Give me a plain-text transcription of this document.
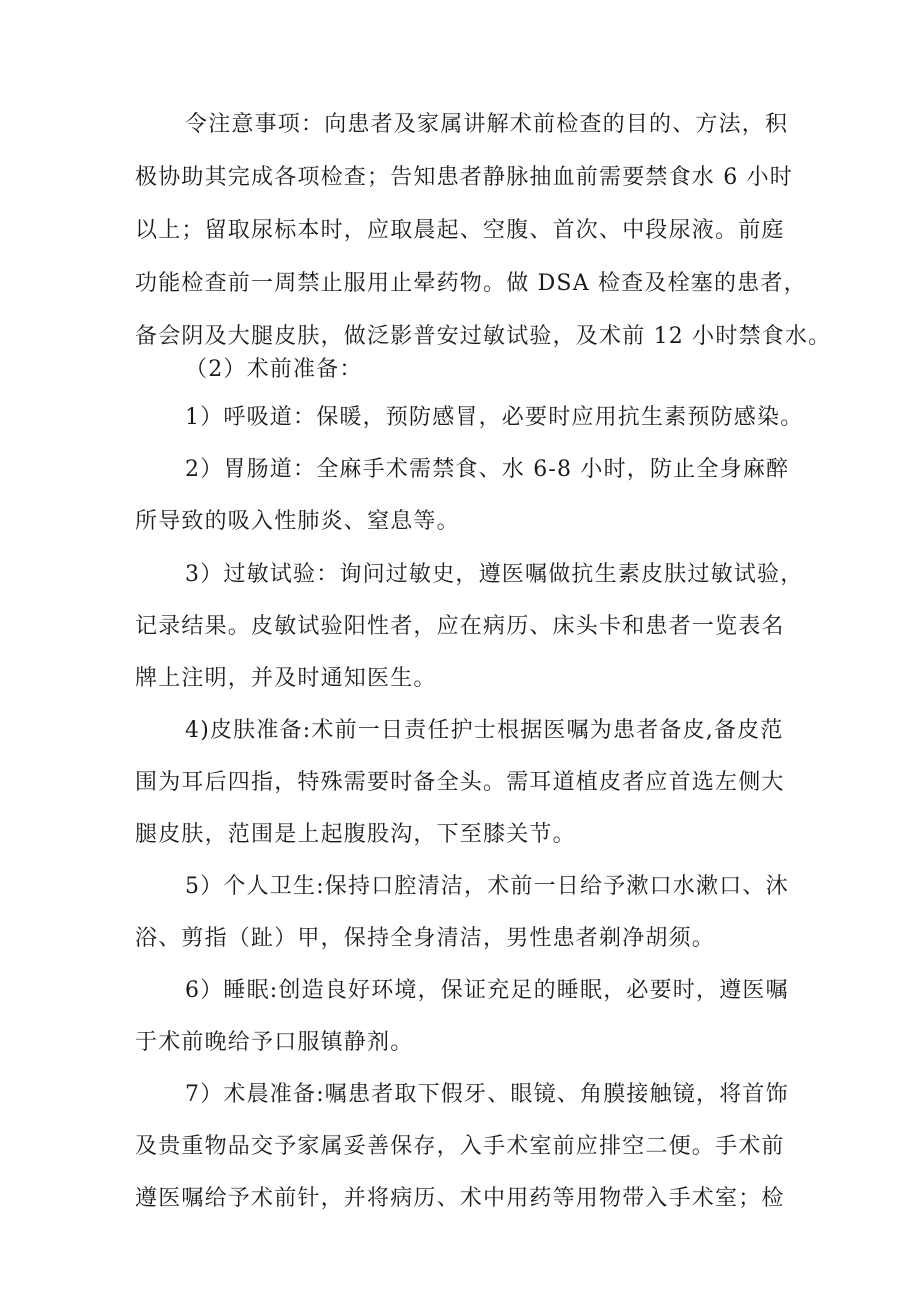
令注意事项：向患者及家属讲解术前检查的目的、方法，积
极协助其完成各项检查；告知患者静脉抽血前需要禁食水 6 小时
以上；留取尿标本时，应取晨起、空腹、首次、中段尿液。前庭
功能检查前一周禁止服用止晕药物。做 DSA 检查及栓塞的患者，
备会阴及大腿皮肤，做泛影普安过敏试验，及术前 12 小时禁食水。
（2）术前准备：
1）呼吸道：保暖，预防感冒，必要时应用抗生素预防感染。
2）胃肠道：全麻手术需禁食、水 6-8 小时，防止全身麻醉
所导致的吸入性肺炎、窒息等。
3）过敏试验：询问过敏史，遵医嘱做抗生素皮肤过敏试验，
记录结果。皮敏试验阳性者，应在病历、床头卡和患者一览表名
牌上注明，并及时通知医生。
4)皮肤准备:术前一日责任护士根据医嘱为患者备皮,备皮范
围为耳后四指，特殊需要时备全头。需耳道植皮者应首选左侧大
腿皮肤，范围是上起腹股沟，下至膝关节。
5）个人卫生:保持口腔清洁，术前一日给予漱口水漱口、沐
浴、剪指（趾）甲，保持全身清洁，男性患者剃净胡须。
6）睡眠:创造良好环境，保证充足的睡眠，必要时，遵医嘱
于术前晚给予口服镇静剂。
7）术晨准备:嘱患者取下假牙、眼镜、角膜接触镜，将首饰
及贵重物品交予家属妥善保存，入手术室前应排空二便。手术前
遵医嘱给予术前针，并将病历、术中用药等用物带入手术室；检
